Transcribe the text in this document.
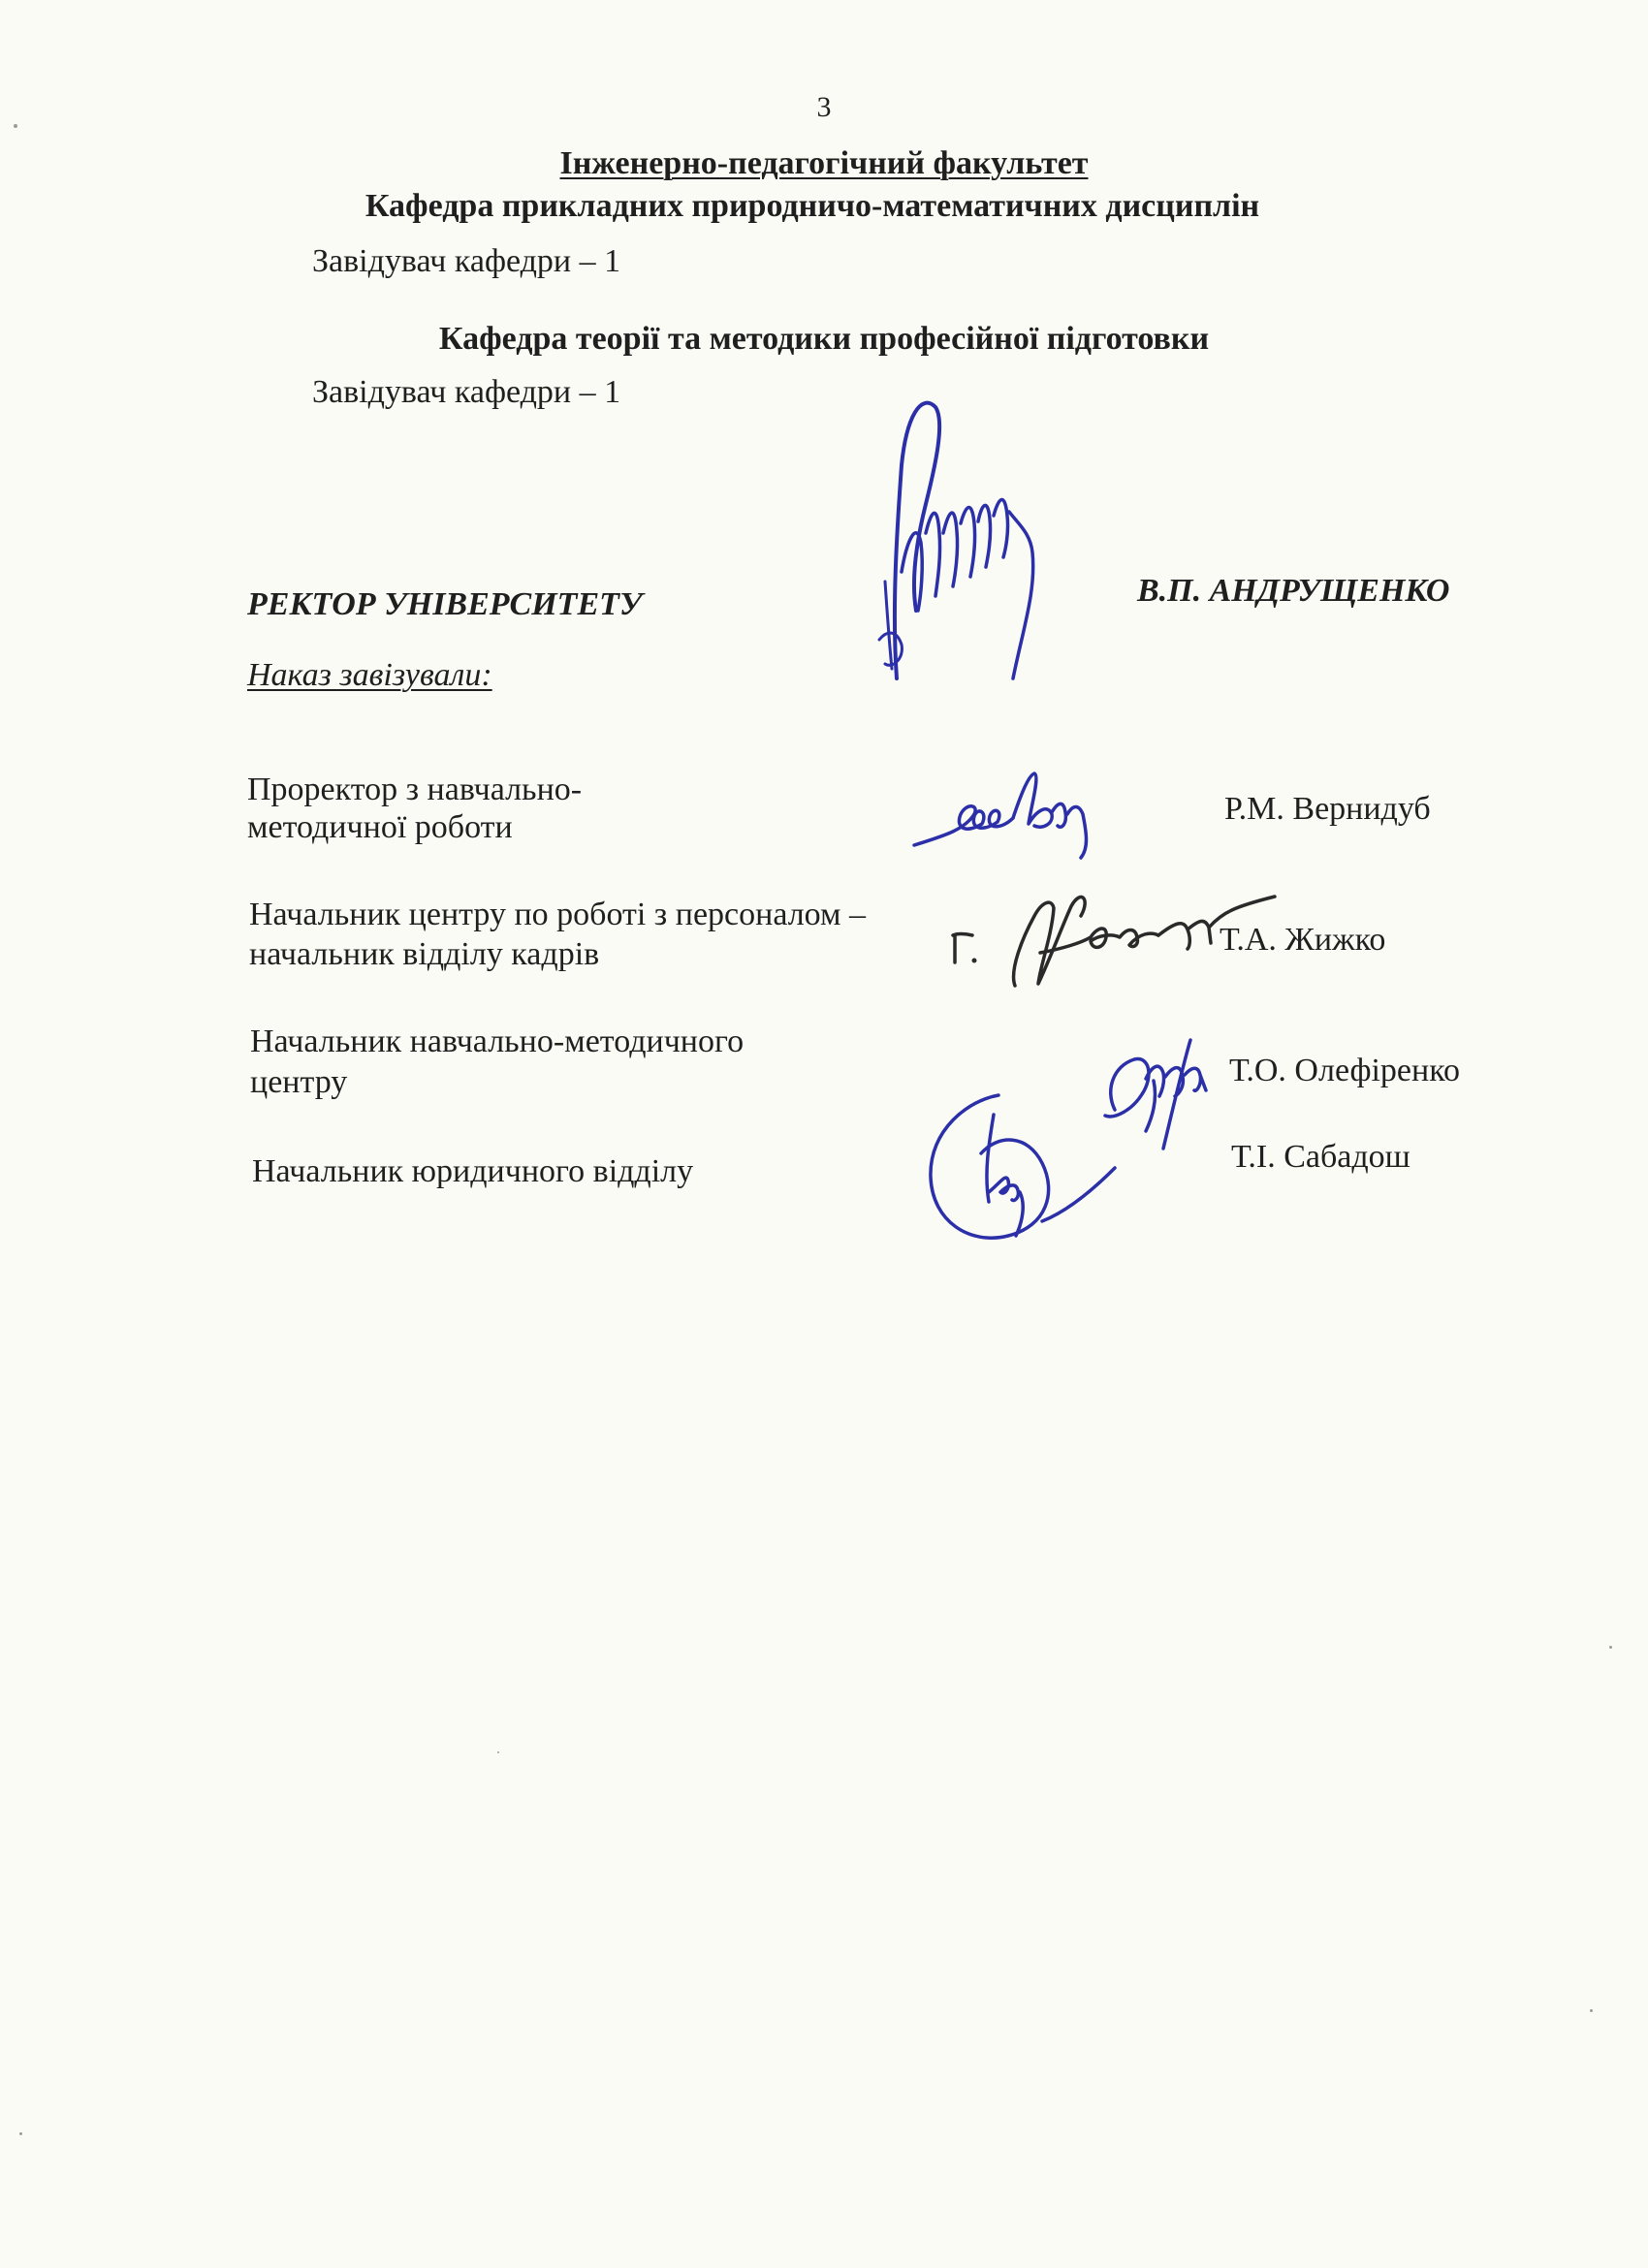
3
Інженерно-педагогічний факультет
Кафедра прикладних природничо-математичних дисциплін
Завідувач кафедри – 1
Кафедра теорії та методики професійної підготовки
Завідувач кафедри – 1
РЕКТОР УНІВЕРСИТЕТУ	В.П. АНДРУЩЕНКО
Наказ завізували:
Проректор з навчально-
методичної роботи
Р.М. Вернидуб
Начальник центру по роботі з персоналом –
начальник відділу кадрів	Т.А. Жижко
Начальник навчально-методичного
центру	Т.О. Олефіренко
Начальник юридичного відділу	Т.І. Сабадош
